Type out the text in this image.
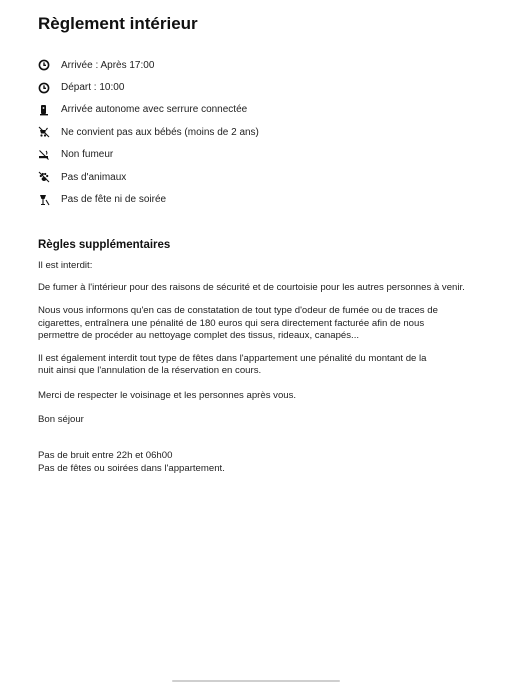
Règlement intérieur
Arrivée : Après 17:00
Départ : 10:00
Arrivée autonome avec serrure connectée
Ne convient pas aux bébés (moins de 2 ans)
Non fumeur
Pas d'animaux
Pas de fête ni de soirée
Règles supplémentaires

Il est interdit:

De fumer à l'intérieur pour des raisons de sécurité et de courtoisie pour les autres personnes à venir.

Nous vous informons qu'en cas de constatation de tout type d'odeur de fumée ou de traces de
cigarettes, entraînera une pénalité de 180 euros qui sera directement facturée afin de nous
permettre de procéder au nettoyage complet des tissus, rideaux, canapés...
Il est également interdit tout type de fêtes dans l'appartement une pénalité du montant de la
nuit ainsi que l'annulation de la réservation en cours.

Merci de respecter le voisinage et les personnes après vous.

Bon séjour

Pas de bruit entre 22h et 06h00
Pas de fêtes ou soirées dans l'appartement.
